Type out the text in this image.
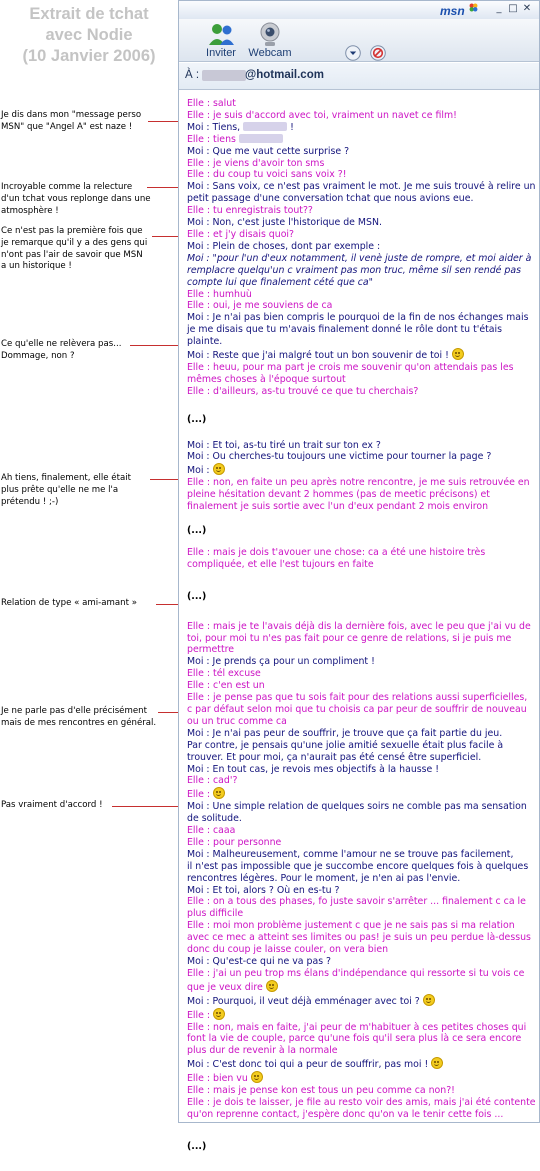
Extrait de tchat
avec Nodie
(10 Janvier 2006)
Je dis dans mon "message perso
MSN" que "Angel A" est naze !
Incroyable comme la relecture
d'un tchat vous replonge dans une
atmosphère !
Ce n'est pas la première fois que
je remarque qu'il y a des gens qui
n'ont pas l'air de savoir que MSN
a un historique !
Ce qu'elle ne relèvera pas...
Dommage, non ?
Ah tiens, finalement, elle était
plus prête qu'elle ne me l'a
prétendu ! ;-)
Relation de type « ami-amant »
Je ne parle pas d'elle précisément
mais de mes rencontres en général.
Pas vraiment d'accord !
msn	_ □ ✕
Inviter	Webcam
À :	@hotmail.com
Elle : salut
Elle : je suis d'accord avec toi, vraiment un navet ce film!
Moi : Tiens,	!
Elle : tiens
Moi : Que me vaut cette surprise ?
Elle : je viens d'avoir ton sms
Elle : du coup tu voici sans voix ?!
Moi : Sans voix, ce n'est pas vraiment le mot. Je me suis trouvé à relire un
petit passage d'une conversation tchat que nous avions eue.
Elle : tu enregistrais tout??
Moi : Non, c'est juste l'historique de MSN.
Elle : et j'y disais quoi?
Moi : Plein de choses, dont par exemple :
Moi : "pour l'un d'eux notamment, il venè juste de rompre, et moi aider à
remplacre quelqu'un c vraiment pas mon truc, même sil sen rendé pas
compte lui que finalement cété que ca"
Elle : humhuù
Elle : oui, je me souviens de ca
Moi : Je n'ai pas bien compris le pourquoi de la fin de nos échanges mais
je me disais que tu m'avais finalement donné le rôle dont tu t'étais
plainte.
Moi : Reste que j'ai malgré tout un bon souvenir de toi !
Elle : heuu, pour ma part je crois me souvenir qu'on attendais pas les
mêmes choses à l'époque surtout
Elle : d'ailleurs, as-tu trouvé ce que tu cherchais?
(...)
Moi : Et toi, as-tu tiré un trait sur ton ex ?
Moi : Ou cherches-tu toujours une victime pour tourner la page ?
Moi :
Elle : non, en faite un peu après notre rencontre, je me suis retrouvée en
pleine hésitation devant 2 hommes (pas de meetic précisons) et
finalement je suis sortie avec l'un d'eux pendant 2 mois environ
(...)
Elle : mais je dois t'avouer une chose: ca a été une histoire très
compliquée, et elle l'est tujours en faite
(...)
Elle : mais je te l'avais déjà dis la dernière fois, avec le peu que j'ai vu de
toi, pour moi tu n'es pas fait pour ce genre de relations, si je puis me
permettre
Moi : Je prends ça pour un compliment !
Elle : tél excuse
Elle : c'en est un
Elle : je pense pas que tu sois fait pour des relations aussi superficielles,
c par défaut selon moi que tu choisis ca par peur de souffrir de nouveau
ou un truc comme ca
Moi : Je n'ai pas peur de souffrir, je trouve que ça fait partie du jeu.
Par contre, je pensais qu'une jolie amitié sexuelle était plus facile à
trouver. Et pour moi, ça n'aurait pas été censé être superficiel.
Moi : En tout cas, je revois mes objectifs à la hausse !
Elle : cad'?
Elle :
Moi : Une simple relation de quelques soirs ne comble pas ma sensation
de solitude.
Elle : caaa
Elle : pour personne
Moi : Malheureusement, comme l'amour ne se trouve pas facilement,
il n'est pas impossible que je succombe encore quelques fois à quelques
rencontres légères. Pour le moment, je n'en ai pas l'envie.
Moi : Et toi, alors ? Où en es-tu ?
Elle : on a tous des phases, fo juste savoir s'arrêter ... finalement c ca le
plus difficile
Elle : moi mon problème justement c que je ne sais pas si ma relation
avec ce mec a atteint ses limites ou pas! je suis un peu perdue là-dessus
donc du coup je laisse couler, on vera bien
Moi : Qu'est-ce qui ne va pas ?
Elle : j'ai un peu trop ms élans d'indépendance qui ressorte si tu vois ce
que je veux dire
Moi : Pourquoi, il veut déjà emménager avec toi ?
Elle :
Elle : non, mais en faite, j'ai peur de m'habituer à ces petites choses qui
font la vie de couple, parce qu'une fois qu'il sera plus là ce sera encore
plus dur de revenir à la normale
Moi : C'est donc toi qui a peur de souffrir, pas moi !
Elle : bien vu
Elle : mais je pense kon est tous un peu comme ca non?!
Elle : je dois te laisser, je file au resto voir des amis, mais j'ai été contente
qu'on reprenne contact, j'espère donc qu'on va le tenir cette fois ...
(...)
